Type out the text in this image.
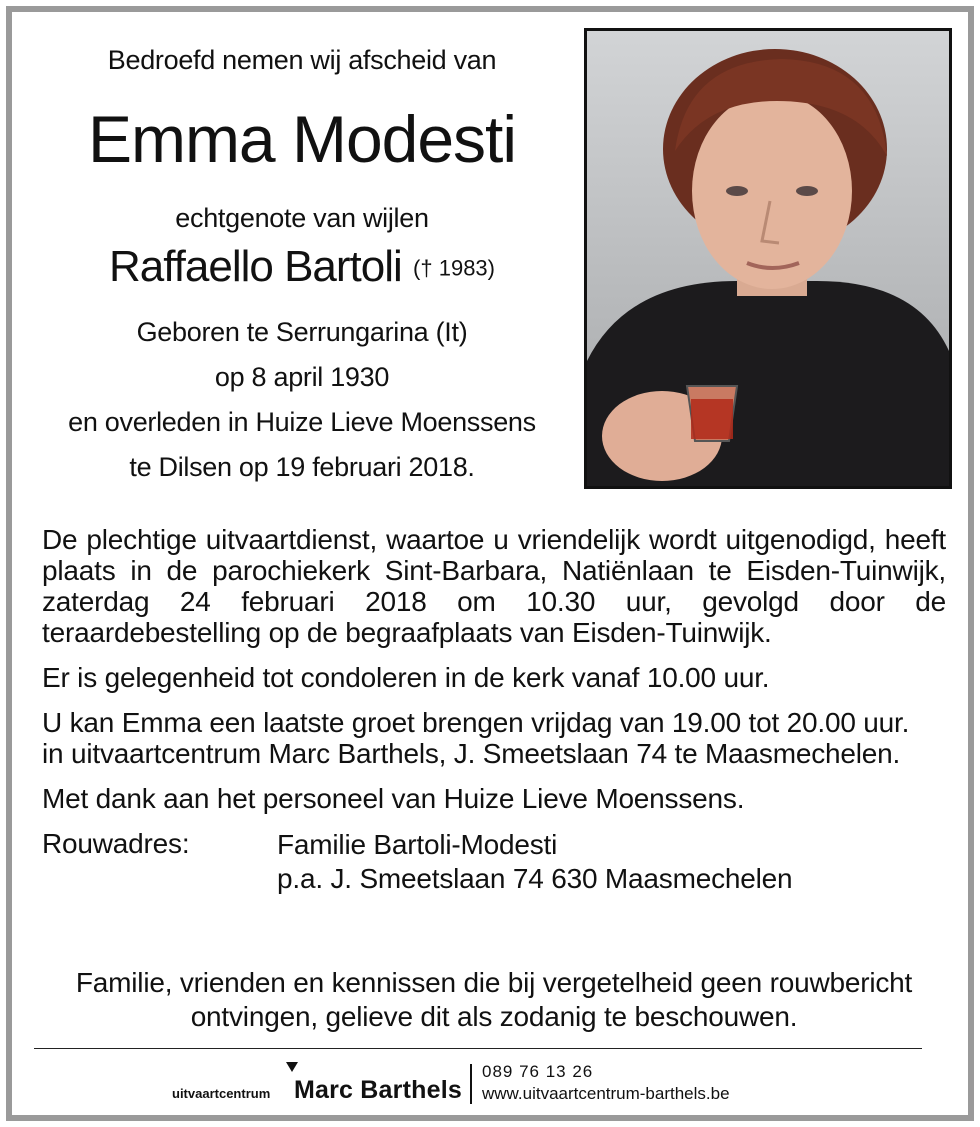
Bedroefd nemen wij afscheid van
Emma Modesti
echtgenote van wijlen
Raffaello Bartoli († 1983)
Geboren te Serrungarina (It)
op 8 april 1930
en overleden in Huize Lieve Moenssens
te Dilsen op 19 februari 2018.

De plechtige uitvaartdienst, waartoe u vriendelijk wordt uitgenodigd, heeft plaats in de parochiekerk Sint-Barbara, Natiënlaan te Eisden-Tuinwijk, zaterdag 24 februari 2018 om 10.30 uur, gevolgd door de teraardebestelling op de begraafplaats van Eisden-Tuinwijk.

Er is gelegenheid tot condoleren in de kerk vanaf 10.00 uur.

U kan Emma een laatste groet brengen vrijdag van 19.00 tot 20.00 uur.
in uitvaartcentrum Marc Barthels, J. Smeetslaan 74 te Maasmechelen.

Met dank aan het personeel van Huize Lieve Moenssens.

Rouwadres:	Familie Bartoli-Modesti
p.a. J. Smeetslaan 74 630 Maasmechelen
Familie, vrienden en kennissen die bij vergetelheid geen rouwbericht
ontvingen, gelieve dit als zodanig te beschouwen.
uitvaartcentrum Marc Barthels
089 76 13 26
www.uitvaartcentrum-barthels.be
